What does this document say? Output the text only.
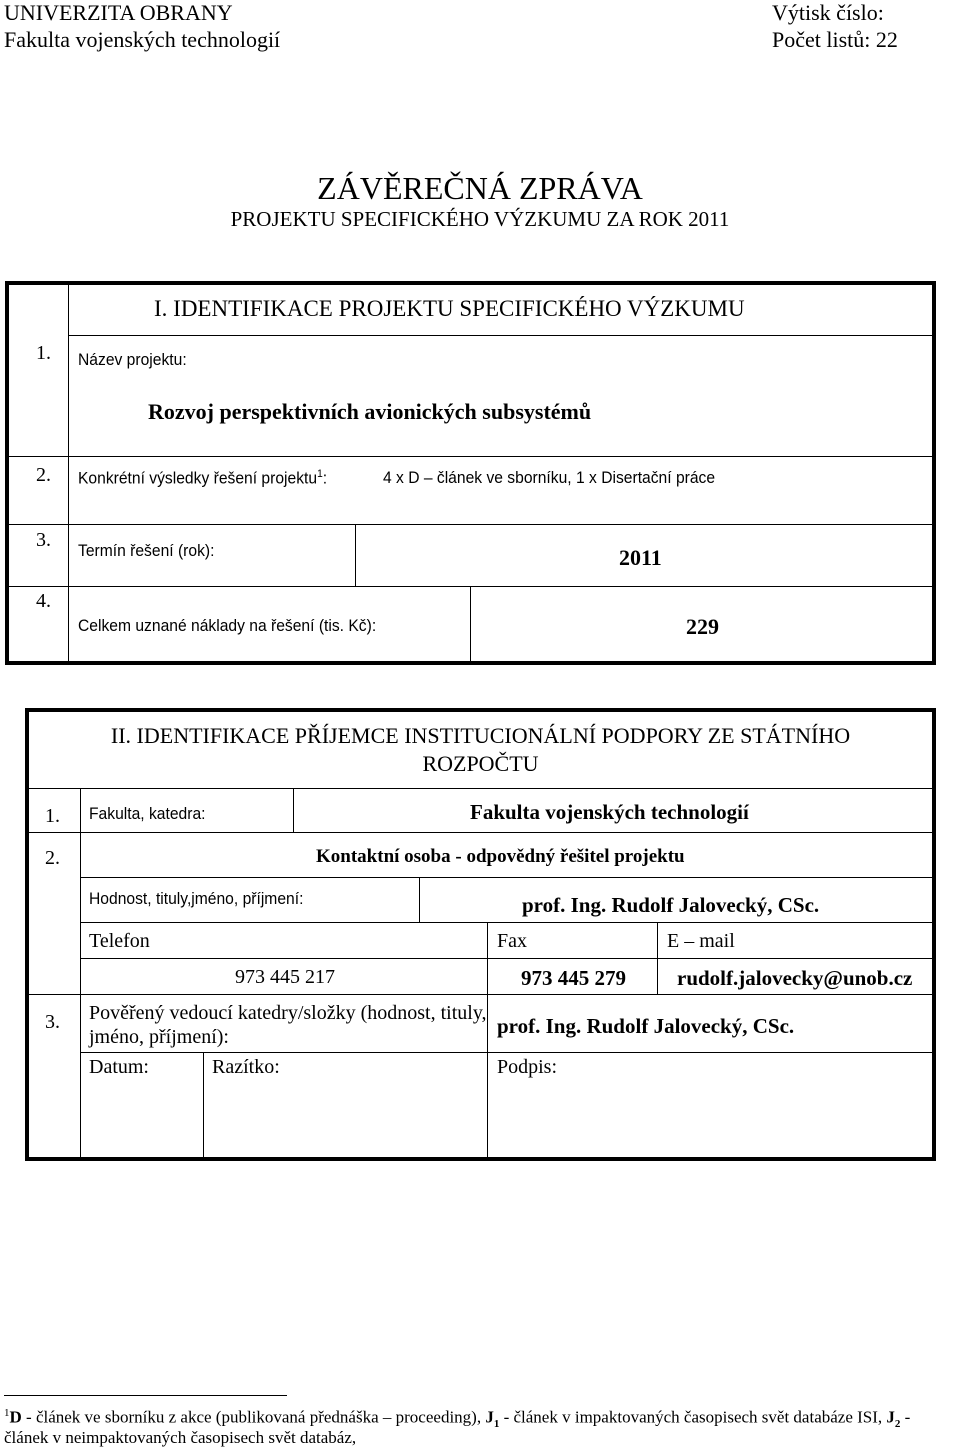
UNIVERZITA OBRANY
Fakulta vojenských technologií
Výtisk číslo:
Počet listů: 22
ZÁVĚREČNÁ ZPRÁVA
PROJEKTU SPECIFICKÉHO VÝZKUMU ZA ROK 2011
I. IDENTIFIKACE PROJEKTU SPECIFICKÉHO VÝZKUMU
1. Název projektu:
Rozvoj perspektivních avionických subsystémů
2. Konkrétní výsledky řešení projektu$^1$:	4 x D – článek ve sborníku, 1 x Disertační práce
3. Termín řešení (rok):	2011
4.
Celkem uznané náklady na řešení (tis. Kč):	229
II. IDENTIFIKACE PŘÍJEMCE INSTITUCIONÁLNÍ PODPORY ZE STÁTNÍHO
ROZPOČTU
1. Fakulta, katedra:	Fakulta vojenských technologií
2.	Kontaktní osoba - odpovědný řešitel projektu
Hodnost, tituly,jméno, příjmení:	prof. Ing. Rudolf Jalovecký, CSc.
Telefon	Fax	E – mail
973 445 217	973 445 279 rudolf.jalovecky@unob.cz
3. Pověřený vedoucí katedry/složky (hodnost, tituly,
jméno, příjmení):	prof. Ing. Rudolf Jalovecký, CSc.
Datum:	Razítko:	Podpis:
$^1$D - článek ve sborníku z akce (publikovaná přednáška – proceeding), $J_1$ - článek v impaktovaných časopisech svět databáze ISI, $J_2$ -
článek v neimpaktovaných časopisech svět databáz,
